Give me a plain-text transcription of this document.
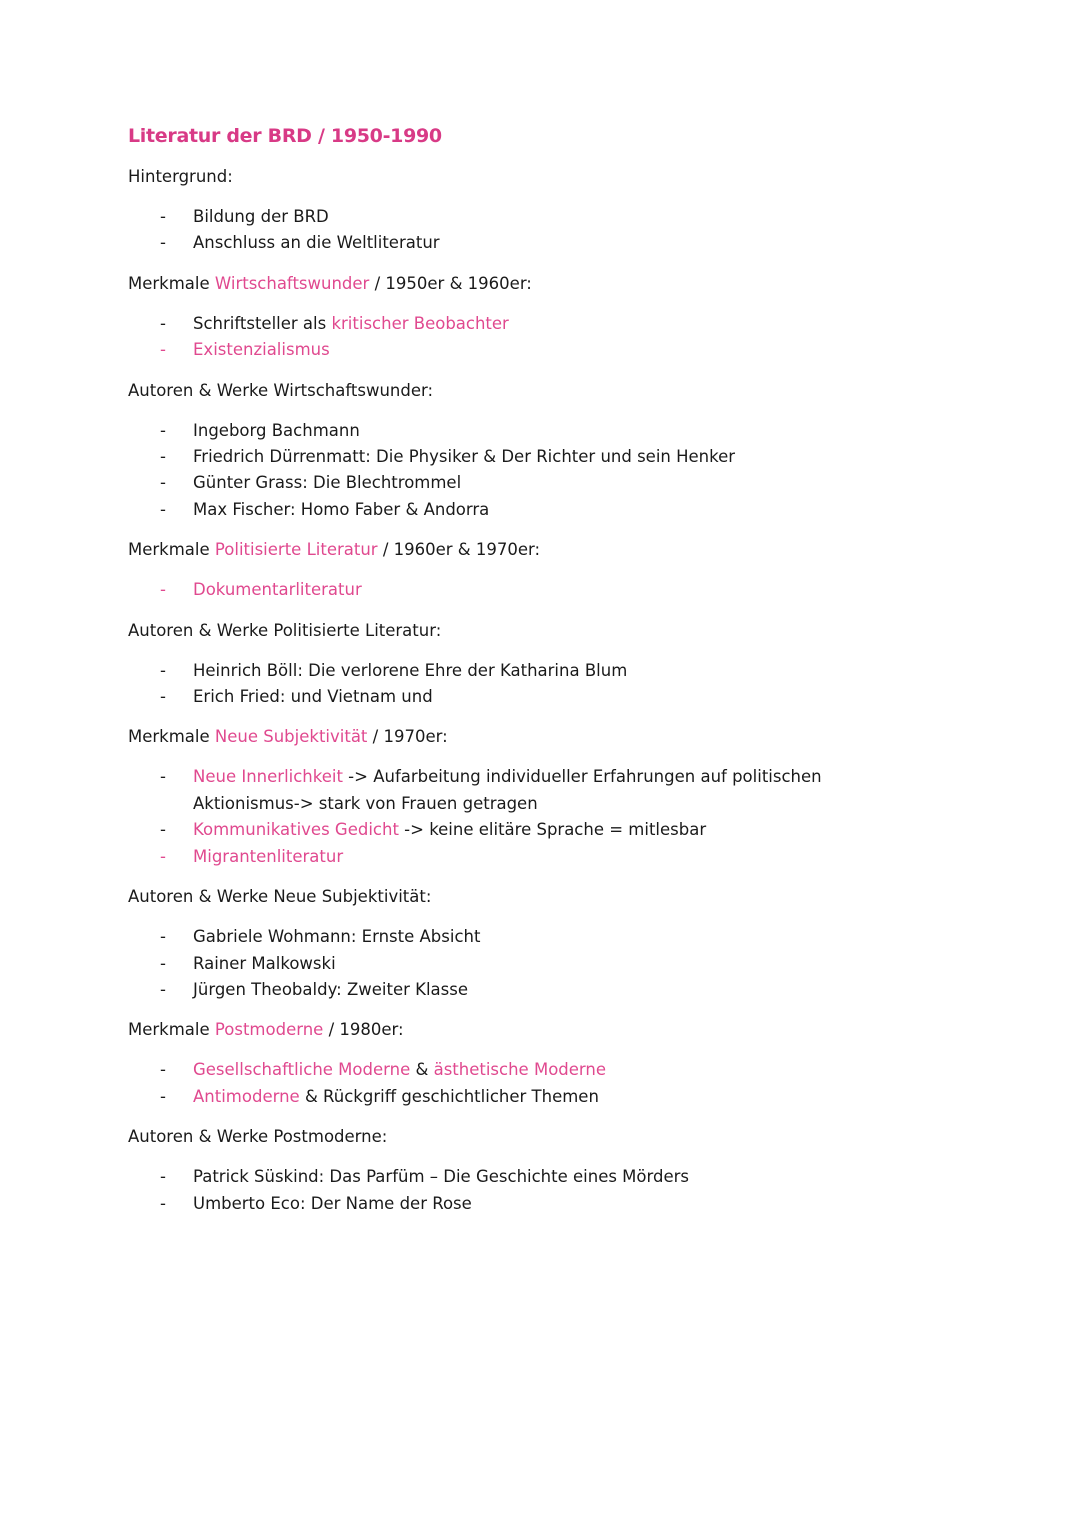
Literatur der BRD / 1950-1990

Hintergrund:

- Bildung der BRD
- Anschluss an die Weltliteratur

Merkmale Wirtschaftswunder / 1950er & 1960er:

- Schriftsteller als kritischer Beobachter
- Existenzialismus

Autoren & Werke Wirtschaftswunder:

- Ingeborg Bachmann
- Friedrich Dürrenmatt: Die Physiker & Der Richter und sein Henker
- Günter Grass: Die Blechtrommel
- Max Fischer: Homo Faber & Andorra

Merkmale Politisierte Literatur / 1960er & 1970er:

- Dokumentarliteratur

Autoren & Werke Politisierte Literatur:

- Heinrich Böll: Die verlorene Ehre der Katharina Blum
- Erich Fried: und Vietnam und

Merkmale Neue Subjektivität / 1970er:

- Neue Innerlichkeit -> Aufarbeitung individueller Erfahrungen auf politischen Aktionismus-> stark von Frauen getragen
- Kommunikatives Gedicht -> keine elitäre Sprache = mitlesbar
- Migrantenliteratur

Autoren & Werke Neue Subjektivität:

- Gabriele Wohmann: Ernste Absicht
- Rainer Malkowski
- Jürgen Theobaldy: Zweiter Klasse

Merkmale Postmoderne / 1980er:

- Gesellschaftliche Moderne & ästhetische Moderne
- Antimoderne & Rückgriff geschichtlicher Themen

Autoren & Werke Postmoderne:

- Patrick Süskind: Das Parfüm – Die Geschichte eines Mörders
- Umberto Eco: Der Name der Rose
